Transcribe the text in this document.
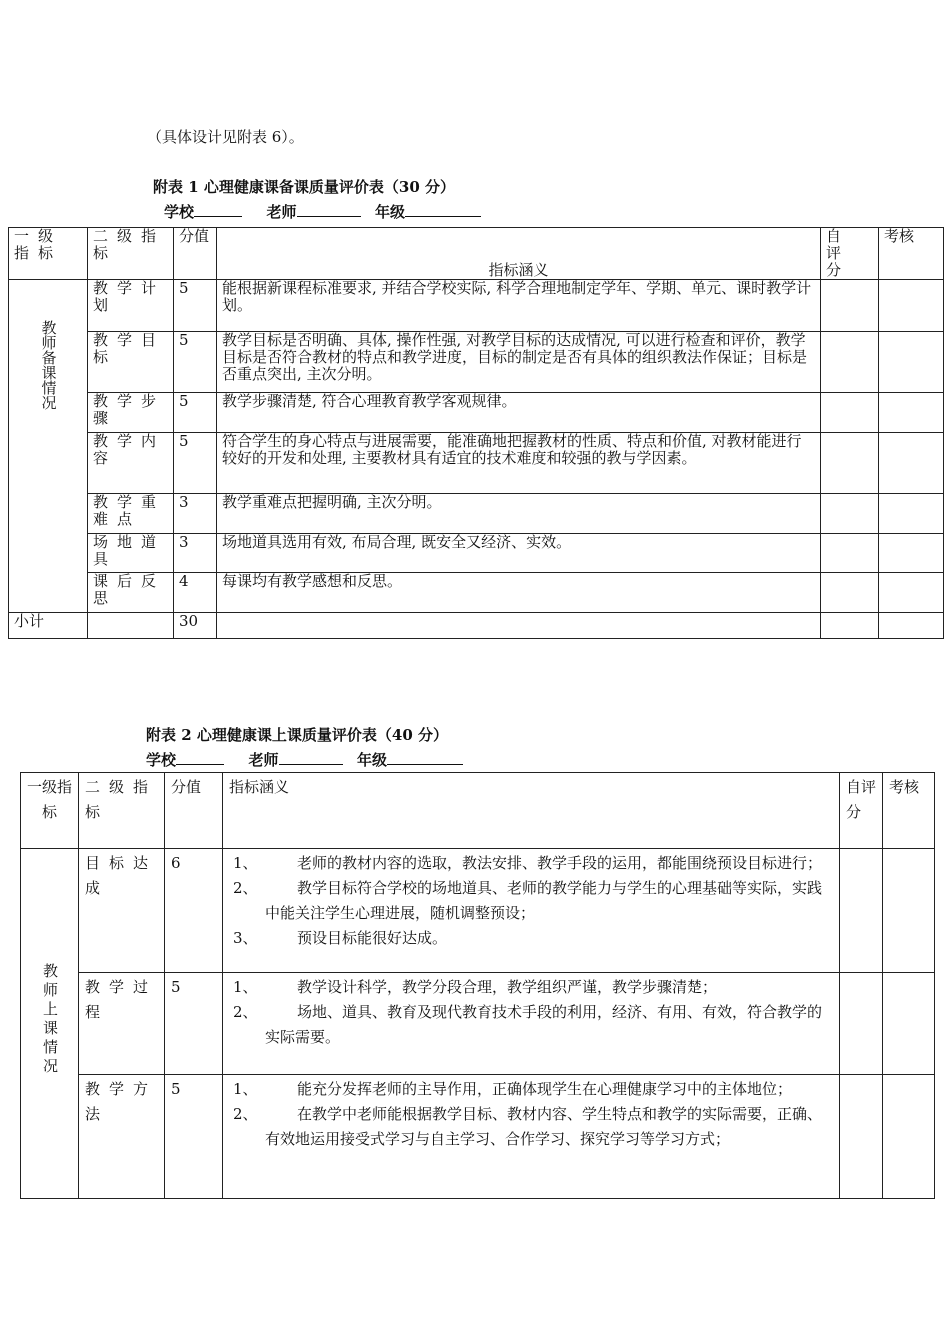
（具体设计见附表 6）。
附表 1 心理健康课备课质量评价表（30 分）
学校	老师	年级
一级指标	二级指标	分值	指标涵义	自评分	考核
教师备课情况	教学计划	5	能根据新课程标准要求, 并结合学校实际, 科学合理地制定学年、学期、单元、课时教学计划。		
	教学目标	5	教学目标是否明确、具体, 操作性强, 对教学目标的达成情况, 可以进行检查和评价，教学目标是否符合教材的特点和教学进度，目标的制定是否有具体的组织教法作保证；目标是否重点突出, 主次分明。		
	教学步骤	5	教学步骤清楚, 符合心理教育教学客观规律。		
	教学内容	5	符合学生的身心特点与进展需要，能准确地把握教材的性质、特点和价值, 对教材能进行较好的开发和处理, 主要教材具有适宜的技术难度和较强的教与学因素。		
	教学重难点	3	教学重难点把握明确, 主次分明。		
	场地道具	3	场地道具选用有效, 布局合理, 既安全又经济、实效。		
	课后反思	4	每课均有教学感想和反思。		
小计		30			
附表 2 心理健康课上课质量评价表（40 分）
学校	老师	年级
一级指标	二级指标	分值	指标涵义	自评分	考核
教师上课情况	目标达成	6	1、 老师的教材内容的选取，教法安排、教学手段的运用，都能围绕预设目标进行；

2、 教学目标符合学校的场地道具、老师的教学能力与学生的心理基础等实际，实践中能关注学生心理进展，随机调整预设；

3、 预设目标能很好达成。		

	教学过程	5	1、 教学设计科学，教学分段合理，教学组织严谨，教学步骤清楚；

2、 场地、道具、教育及现代教育技术手段的利用，经济、有用、有效，符合教学的实际需要。		

	教学方法	5	1、 能充分发挥老师的主导作用，正确体现学生在心理健康学习中的主体地位；

2、 在教学中老师能根据教学目标、教材内容、学生特点和教学的实际需要，正确、有效地运用接受式学习与自主学习、合作学习、探究学习等学习方式；		
